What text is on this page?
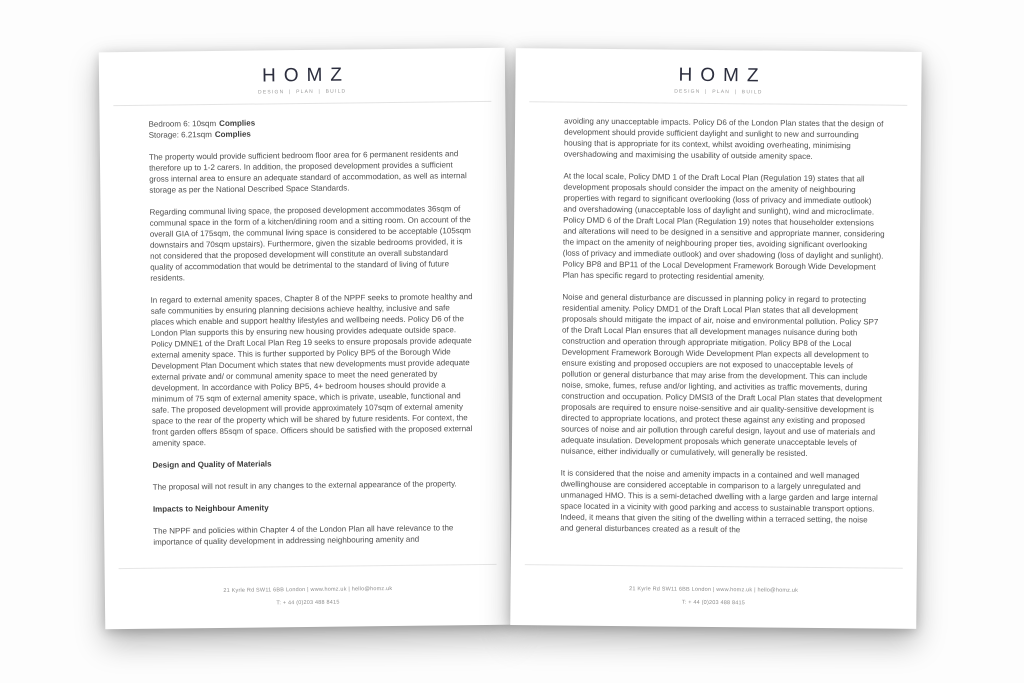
HOMZ
DESIGN | PLAN | BUILD
Bedroom 6: 10sqm Complies
Storage: 6.21sqm Complies

The property would provide sufficient bedroom floor area for 6 permanent residents and therefore up to 1-2 carers. In addition, the proposed development provides a sufficient gross internal area to ensure an adequate standard of accommodation, as well as internal storage as per the National Described Space Standards.

Regarding communal living space, the proposed development accommodates 36sqm of communal space in the form of a kitchen/dining room and a sitting room. On account of the overall GIA of 175sqm, the communal living space is considered to be acceptable (105sqm downstairs and 70sqm upstairs). Furthermore, given the sizable bedrooms provided, it is not considered that the proposed development will constitute an overall substandard quality of accommodation that would be detrimental to the standard of living of future residents.

In regard to external amenity spaces, Chapter 8 of the NPPF seeks to promote healthy and safe communities by ensuring planning decisions achieve healthy, inclusive and safe places which enable and support healthy lifestyles and wellbeing needs. Policy D6 of the London Plan supports this by ensuring new housing provides adequate outside space. Policy DMNE1 of the Draft Local Plan Reg 19 seeks to ensure proposals provide adequate external amenity space. This is further supported by Policy BP5 of the Borough Wide Development Plan Document which states that new developments must provide adequate external private and/ or communal amenity space to meet the need generated by development. In accordance with Policy BP5, 4+ bedroom houses should provide a minimum of 75 sqm of external amenity space, which is private, useable, functional and safe. The proposed development will provide approximately 107sqm of external amenity space to the rear of the property which will be shared by future residents. For context, the front garden offers 85sqm of space. Officers should be satisfied with the proposed external amenity space.

Design and Quality of Materials

The proposal will not result in any changes to the external appearance of the property.

Impacts to Neighbour Amenity

The NPPF and policies within Chapter 4 of the London Plan all have relevance to the importance of quality development in addressing neighbouring amenity and

21 Kyrle Rd SW11 6BB London | www.homz.uk | hello@homz.uk
T: + 44 (0)203 488 8415
HOMZ
DESIGN | PLAN | BUILD

avoiding any unacceptable impacts. Policy D6 of the London Plan states that the design of development should provide sufficient daylight and sunlight to new and surrounding housing that is appropriate for its context, whilst avoiding overheating, minimising overshadowing and maximising the usability of outside amenity space.

At the local scale, Policy DMD 1 of the Draft Local Plan (Regulation 19) states that all development proposals should consider the impact on the amenity of neighbouring properties with regard to significant overlooking (loss of privacy and immediate outlook) and overshadowing (unacceptable loss of daylight and sunlight), wind and microclimate. Policy DMD 6 of the Draft Local Plan (Regulation 19) notes that householder extensions and alterations will need to be designed in a sensitive and appropriate manner, considering the impact on the amenity of neighbouring proper ties, avoiding significant overlooking (loss of privacy and immediate outlook) and over shadowing (loss of daylight and sunlight). Policy BP8 and BP11 of the Local Development Framework Borough Wide Development Plan has specific regard to protecting residential amenity.

Noise and general disturbance are discussed in planning policy in regard to protecting residential amenity. Policy DMD1 of the Draft Local Plan states that all development proposals should mitigate the impact of air, noise and environmental pollution. Policy SP7 of the Draft Local Plan ensures that all development manages nuisance during both construction and operation through appropriate mitigation. Policy BP8 of the Local Development Framework Borough Wide Development Plan expects all development to ensure existing and proposed occupiers are not exposed to unacceptable levels of pollution or general disturbance that may arise from the development. This can include noise, smoke, fumes, refuse and/or lighting, and activities as traffic movements, during construction and occupation. Policy DMSI3 of the Draft Local Plan states that development proposals are required to ensure noise-sensitive and air quality-sensitive development is directed to appropriate locations, and protect these against any existing and proposed sources of noise and air pollution through careful design, layout and use of materials and adequate insulation. Development proposals which generate unacceptable levels of nuisance, either individually or cumulatively, will generally be resisted.

It is considered that the noise and amenity impacts in a contained and well managed dwellinghouse are considered acceptable in comparison to a largely unregulated and unmanaged HMO. This is a semi-detached dwelling with a large garden and large internal space located in a vicinity with good parking and access to sustainable transport options. Indeed, it means that given the siting of the dwelling within a terraced setting, the noise and general disturbances created as a result of the

21 Kyrle Rd SW11 6BB London | www.homz.uk | hello@homz.uk
T: + 44 (0)203 488 8415
